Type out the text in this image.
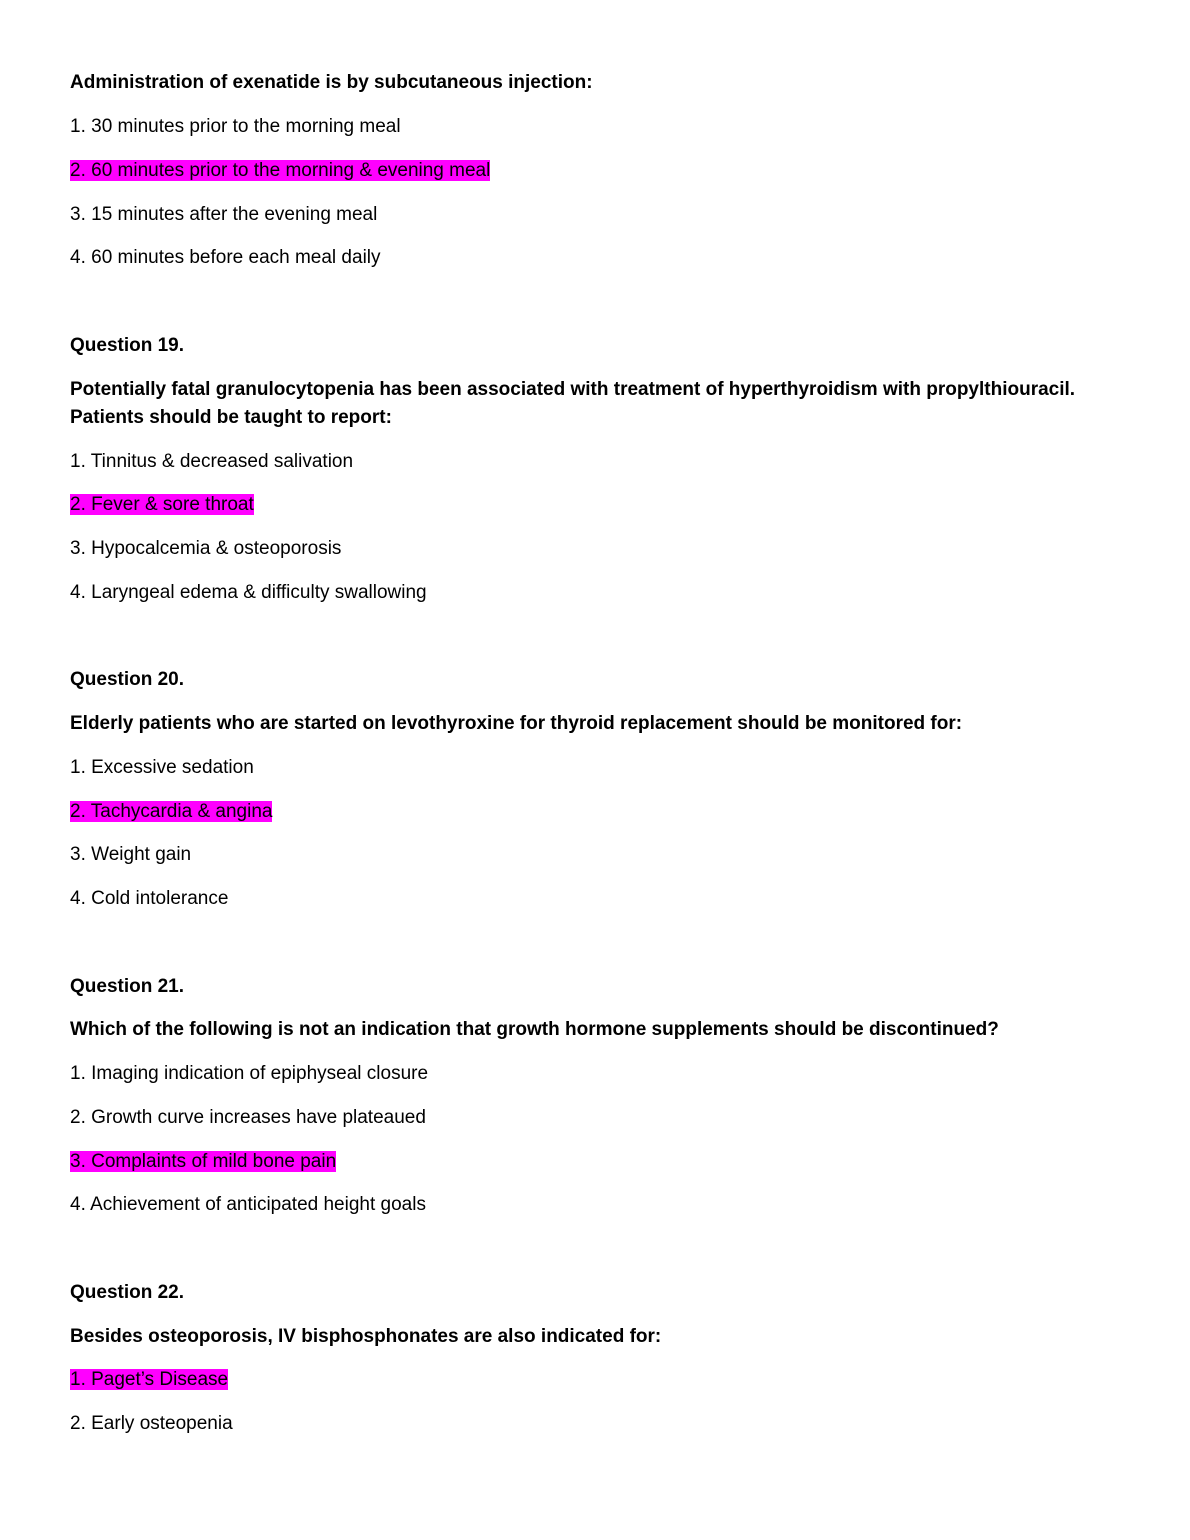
Administration of exenatide is by subcutaneous injection:
1. 30 minutes prior to the morning meal
2. 60 minutes prior to the morning & evening meal
3. 15 minutes after the evening meal
4. 60 minutes before each meal daily
Question 19.
Potentially fatal granulocytopenia has been associated with treatment of hyperthyroidism with propylthiouracil.
Patients should be taught to report:
1. Tinnitus & decreased salivation
2. Fever & sore throat
3. Hypocalcemia & osteoporosis
4. Laryngeal edema & difficulty swallowing
Question 20.
Elderly patients who are started on levothyroxine for thyroid replacement should be monitored for:
1. Excessive sedation
2. Tachycardia & angina
3. Weight gain
4. Cold intolerance
Question 21.
Which of the following is not an indication that growth hormone supplements should be discontinued?
1. Imaging indication of epiphyseal closure
2. Growth curve increases have plateaued
3. Complaints of mild bone pain
4. Achievement of anticipated height goals
Question 22.
Besides osteoporosis, IV bisphosphonates are also indicated for:
1. Paget’s Disease
2. Early osteopenia
